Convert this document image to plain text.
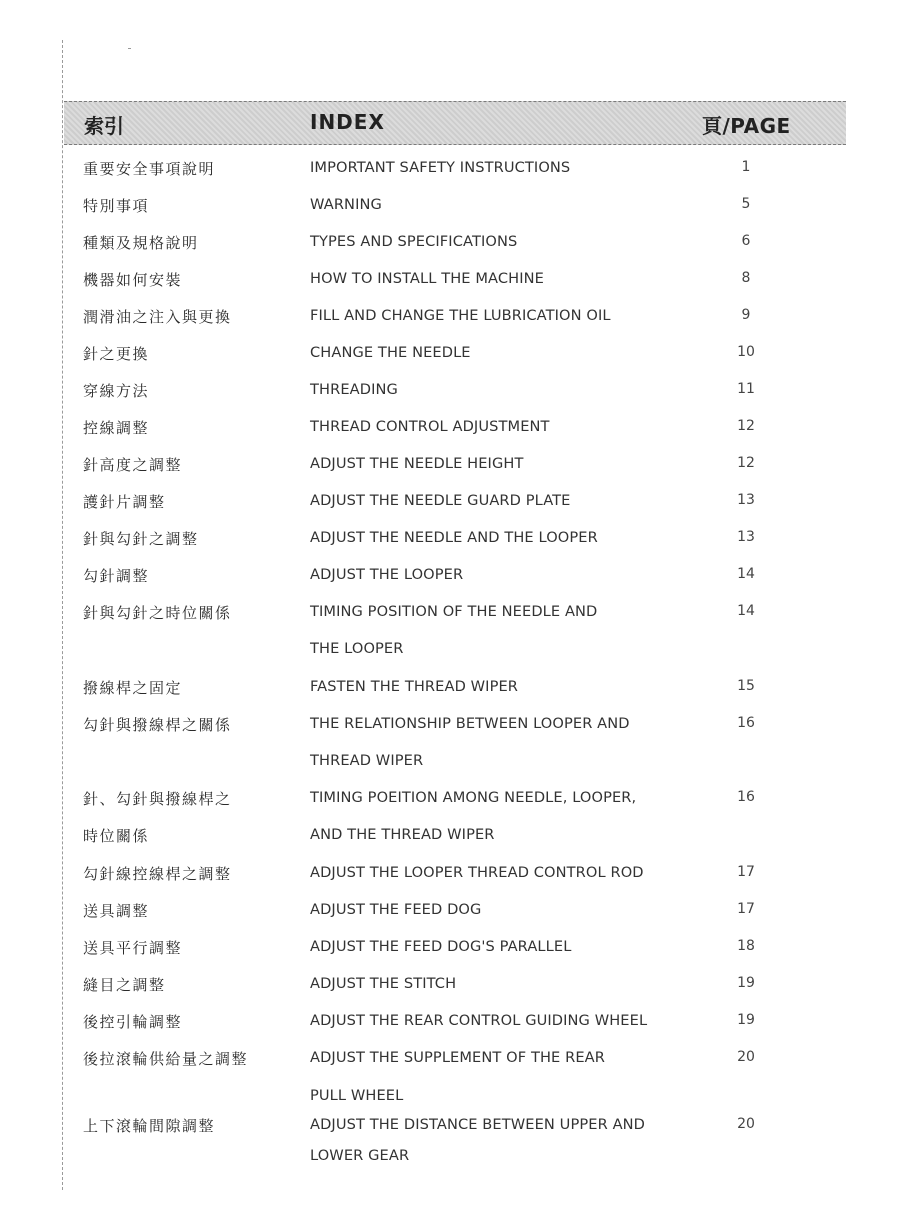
索引	INDEX	頁/PAGE
重要安全事項說明	IMPORTANT SAFETY INSTRUCTIONS	1
特別事項	WARNING	5
種類及規格說明	TYPES AND SPECIFICATIONS	6
機器如何安裝	HOW TO INSTALL THE MACHINE	8
潤滑油之注入與更換	FILL AND CHANGE THE LUBRICATION OIL	9
針之更換	CHANGE THE NEEDLE	10
穿線方法	THREADING	11
控線調整	THREAD CONTROL ADJUSTMENT	12
針高度之調整	ADJUST THE NEEDLE HEIGHT	12
護針片調整	ADJUST THE NEEDLE GUARD PLATE	13
針與勾針之調整	ADJUST THE NEEDLE AND THE LOOPER	13
勾針調整	ADJUST THE LOOPER	14
針與勾針之時位關係	TIMING POSITION OF THE NEEDLE AND	14
THE LOOPER
撥線桿之固定	FASTEN THE THREAD WIPER	15
勾針與撥線桿之關係	THE RELATIONSHIP BETWEEN LOOPER AND	16
THREAD WIPER
針、勾針與撥線桿之	TIMING POEITION AMONG NEEDLE, LOOPER,	16
時位關係	AND THE THREAD WIPER
勾針線控線桿之調整	ADJUST THE LOOPER THREAD CONTROL ROD	17
送具調整	ADJUST THE FEED DOG	17
送具平行調整	ADJUST THE FEED DOG'S PARALLEL	18
縫目之調整	ADJUST THE STITCH	19
後控引輪調整	ADJUST THE REAR CONTROL GUIDING WHEEL	19
後拉滾輪供給量之調整	ADJUST THE SUPPLEMENT OF THE REAR	20
PULL WHEEL
上下滾輪間隙調整	ADJUST THE DISTANCE BETWEEN UPPER AND	20
LOWER GEAR
